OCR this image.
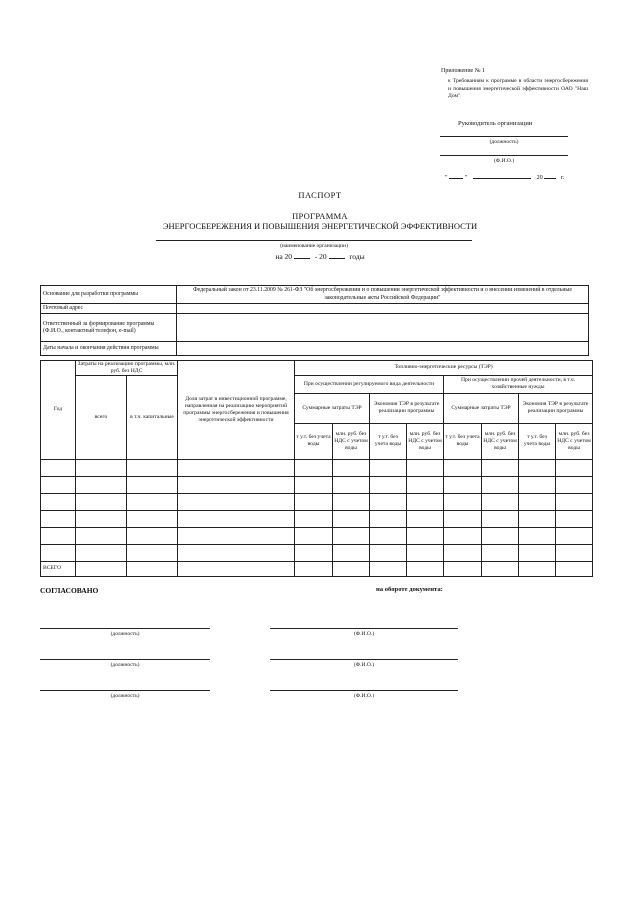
Приложение № 1
к Требованиям к программе в области энергосбережения и повышения энергетической эффективности ОАО "Наш Дом"
Руководитель организации
(должность)
(Ф.И.О.)
"	"	20	г.
ПАСПОРТ
ПРОГРАММА
ЭНЕРГОСБЕРЕЖЕНИЯ И ПОВЫШЕНИЯ ЭНЕРГЕТИЧЕСКОЙ ЭФФЕКТИВНОСТИ
(наименование организации)
на 20	- 20	годы
Основание для разработки программы	Федеральный закон от 23.11.2009 № 261-ФЗ "Об энергосбережении и о повышении энергетической эффективности и о внесении изменений в отдельные законодательные акты Российской Федерации"
Почтовый адрес	
Ответственный за формирование программы (Ф.И.О., контактный телефон, e-mail)	
Даты начала и окончания действия программы	
Год	Затраты на реализацию программы, млн. руб. без НДС		Доля затрат в инвестиционной программе, направленная на реализацию мероприятий программы энергосбережения и повышения энергетической эффективности	Топливно-энергетические ресурсы (ТЭР)							
	всего	в т.ч. капитальные		При осуществлении регулируемого вида деятельности				При осуществлении прочей деятельности, в т.ч. хозяйственные нужды			
				Суммарные затраты ТЭР		Экономия ТЭР в результате реализации программы		Суммарные затраты ТЭР		Экономия ТЭР в результате реализации программы	
				т у.т. без учета воды	млн. руб. без НДС с учетом воды	т у.т. без учета воды	млн. руб. без НДС с учетом воды	т у.т. без учета воды	млн. руб. без НДС с учетом воды	т у.т. без учета воды	млн. руб. без НДС с учетом воды

ВСЕГО											
СОГЛАСОВАНО	на обороте документа:
(должность)	(Ф.И.О.)
(должность)	(Ф.И.О.)
(должность)	(Ф.И.О.)
